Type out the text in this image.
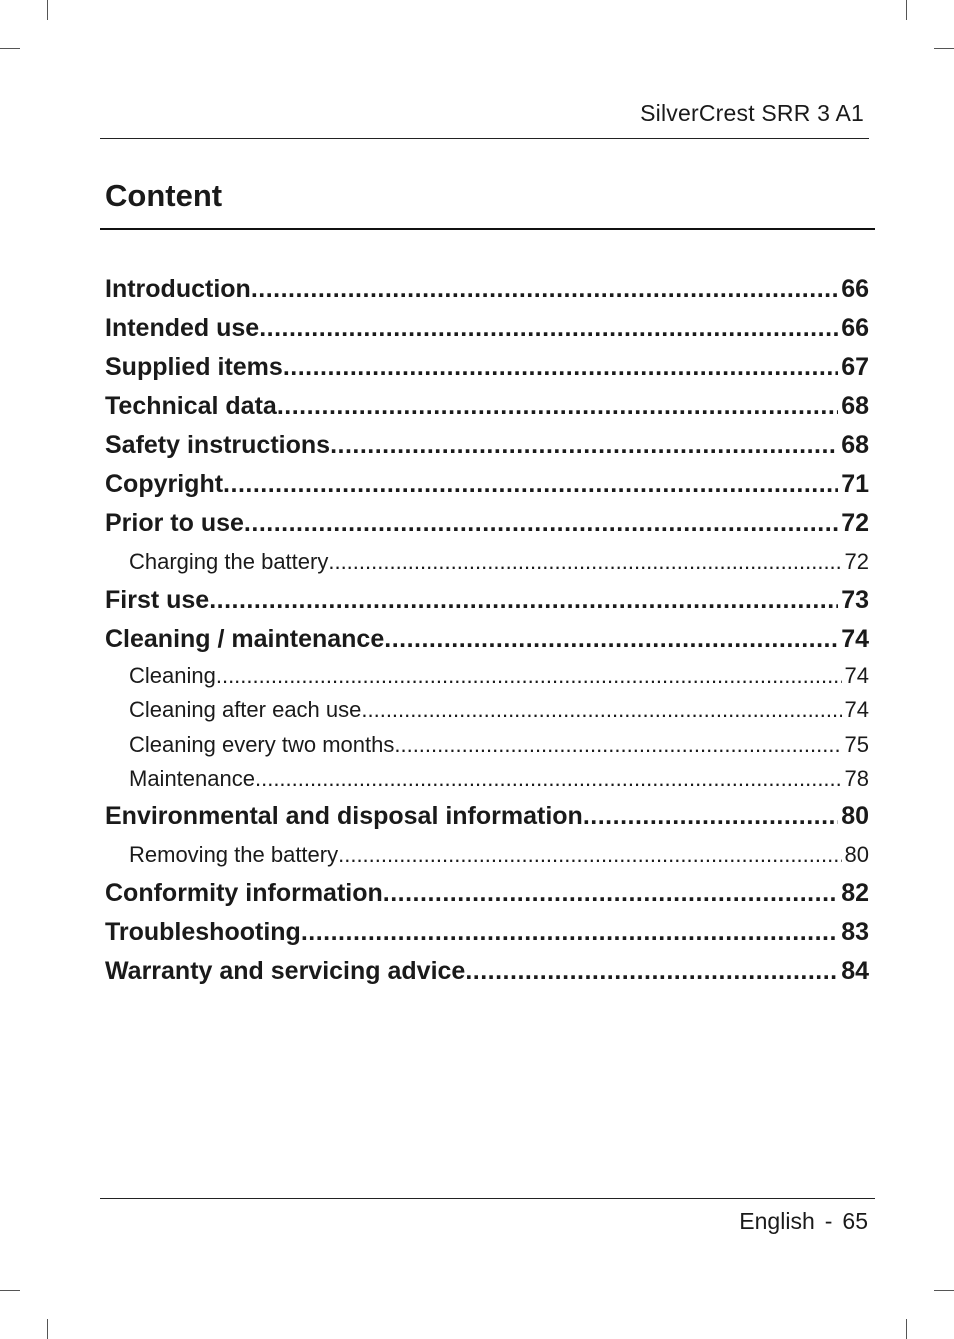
SilverCrest SRR 3 A1
Content
Introduction .....	66
Intended use .....	66
Supplied items .....	67
Technical data .....	68
Safety instructions .....	68
Copyright .....	71
Prior to use .....	72
Charging the battery .....	72
First use .....	73
Cleaning / maintenance .....	74
Cleaning .....	74
Cleaning after each use .....	74
Cleaning every two months .....	75
Maintenance .....	78
Environmental and disposal information .....	80
Removing the battery .....	80
Conformity information .....	82
Troubleshooting .....	83
Warranty and servicing advice .....	84
English - 65
